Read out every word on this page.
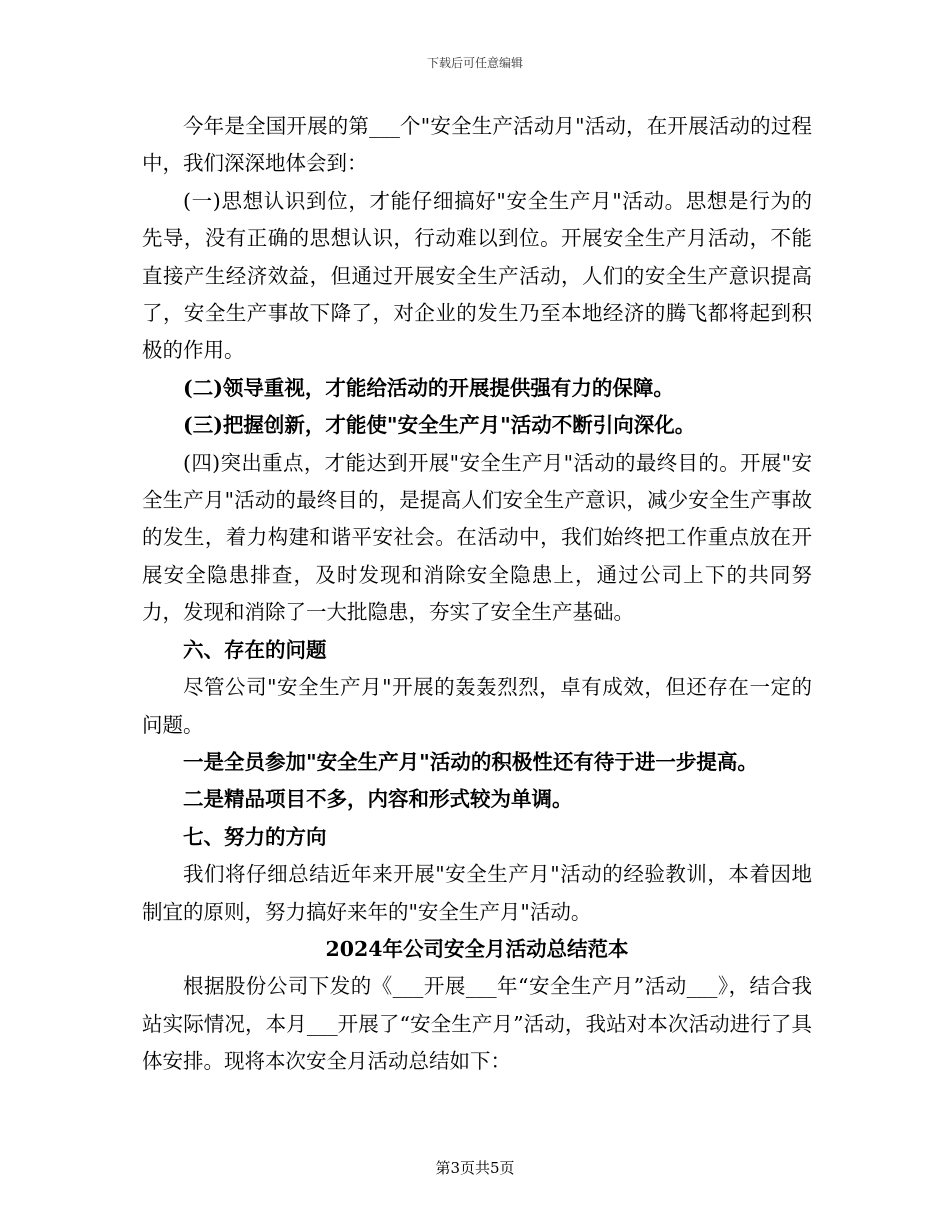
下载后可任意编辑

今年是全国开展的第___个"安全生产活动月"活动，在开展活动的过程中，我们深深地体会到：

(一)思想认识到位，才能仔细搞好"安全生产月"活动。思想是行为的先导，没有正确的思想认识，行动难以到位。开展安全生产月活动，不能直接产生经济效益，但通过开展安全生产活动，人们的安全生产意识提高了，安全生产事故下降了，对企业的发生乃至本地经济的腾飞都将起到积极的作用。

(二)领导重视，才能给活动的开展提供强有力的保障。

(三)把握创新，才能使"安全生产月"活动不断引向深化。

(四)突出重点，才能达到开展"安全生产月"活动的最终目的。开展"安全生产月"活动的最终目的，是提高人们安全生产意识，减少安全生产事故的发生，着力构建和谐平安社会。在活动中，我们始终把工作重点放在开展安全隐患排查，及时发现和消除安全隐患上，通过公司上下的共同努力，发现和消除了一大批隐患，夯实了安全生产基础。

六、存在的问题

尽管公司"安全生产月"开展的轰轰烈烈，卓有成效，但还存在一定的问题。

一是全员参加"安全生产月"活动的积极性还有待于进一步提高。

二是精品项目不多，内容和形式较为单调。

七、努力的方向

我们将仔细总结近年来开展"安全生产月"活动的经验教训，本着因地制宜的原则，努力搞好来年的"安全生产月"活动。

2024年公司安全月活动总结范本

根据股份公司下发的《___开展___年“安全生产月”活动___》，结合我站实际情况，本月___开展了“安全生产月”活动，我站对本次活动进行了具体安排。现将本次安全月活动总结如下：

第3页共5页
